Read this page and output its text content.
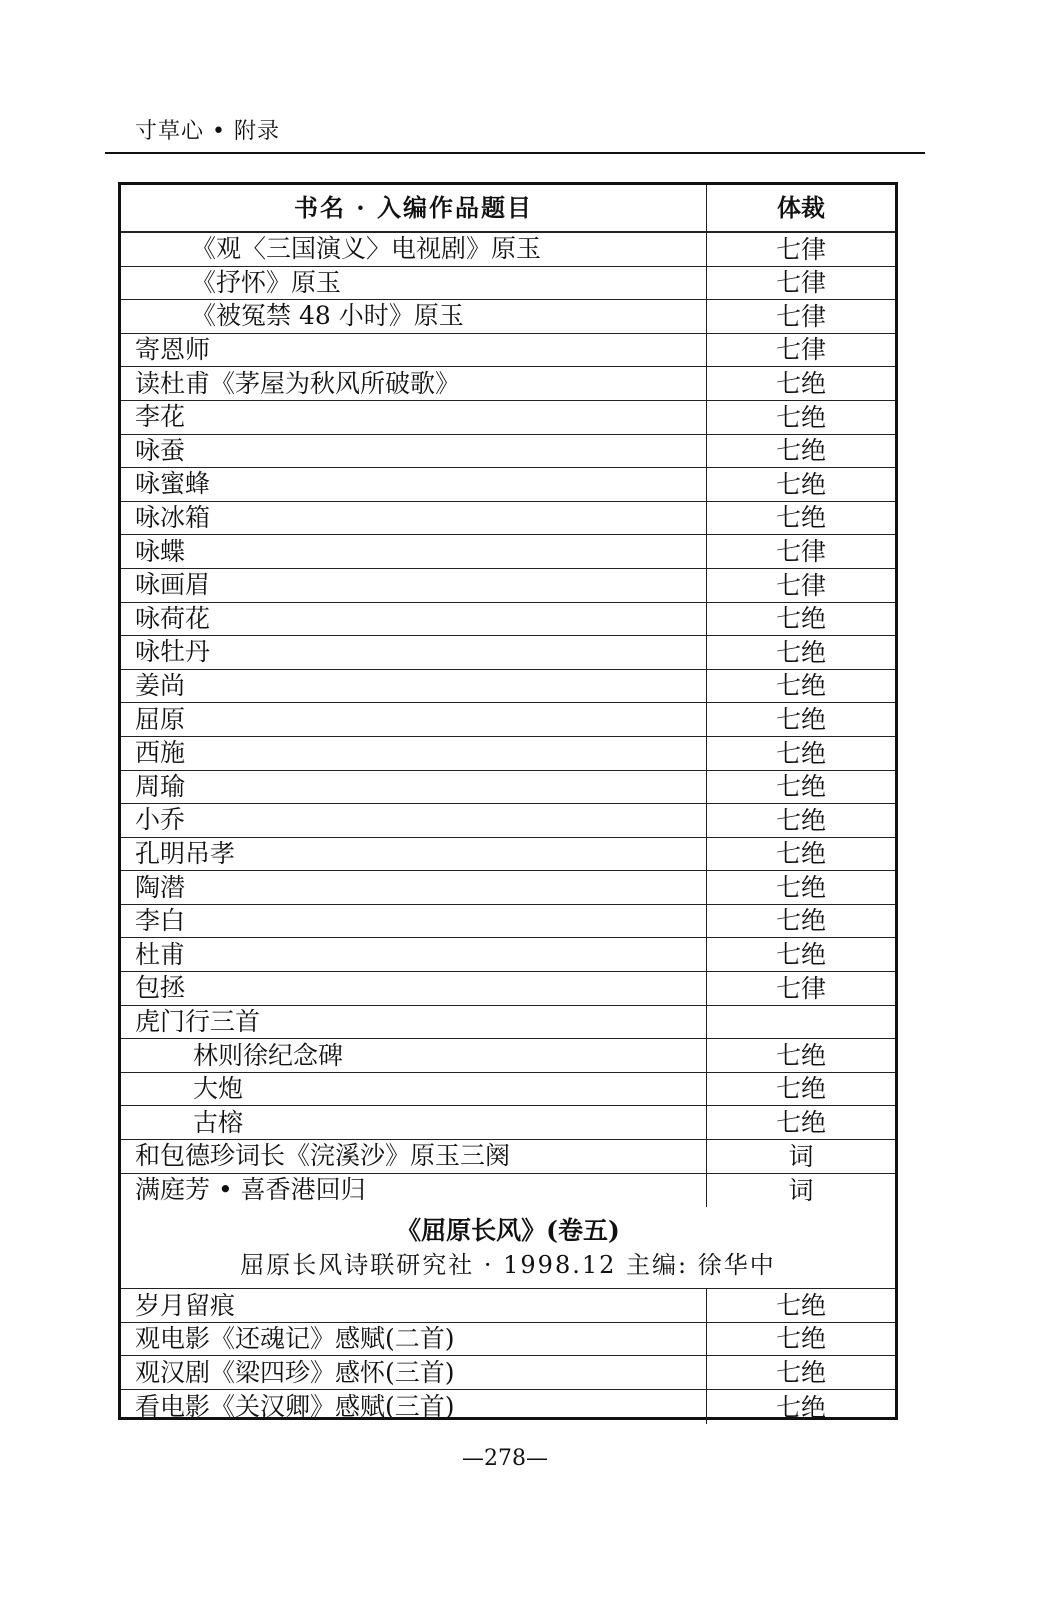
寸草心 • 附录
书名 · 入编作品题目	体裁
《观〈三国演义〉电视剧》原玉	七律
《抒怀》原玉	七律
《被冤禁 48 小时》原玉	七律
寄恩师	七律
读杜甫《茅屋为秋风所破歌》	七绝
李花	七绝
咏蚕	七绝
咏蜜蜂	七绝
咏冰箱	七绝
咏蝶	七律
咏画眉	七律
咏荷花	七绝
咏牡丹	七绝
姜尚	七绝
屈原	七绝
西施	七绝
周瑜	七绝
小乔	七绝
孔明吊孝	七绝
陶潜	七绝
李白	七绝
杜甫	七绝
包拯	七律
虎门行三首
林则徐纪念碑	七绝
大炮	七绝
古榕	七绝
和包德珍词长《浣溪沙》原玉三阕	词
满庭芳 • 喜香港回归	词
《屈原长风》(卷五)
屈原长风诗联研究社 · 1998.12 主编: 徐华中
岁月留痕	七绝
观电影《还魂记》感赋(二首)	七绝
观汉剧《梁四珍》感怀(三首)	七绝
看电影《关汉卿》感赋(三首)	七绝
—278—
